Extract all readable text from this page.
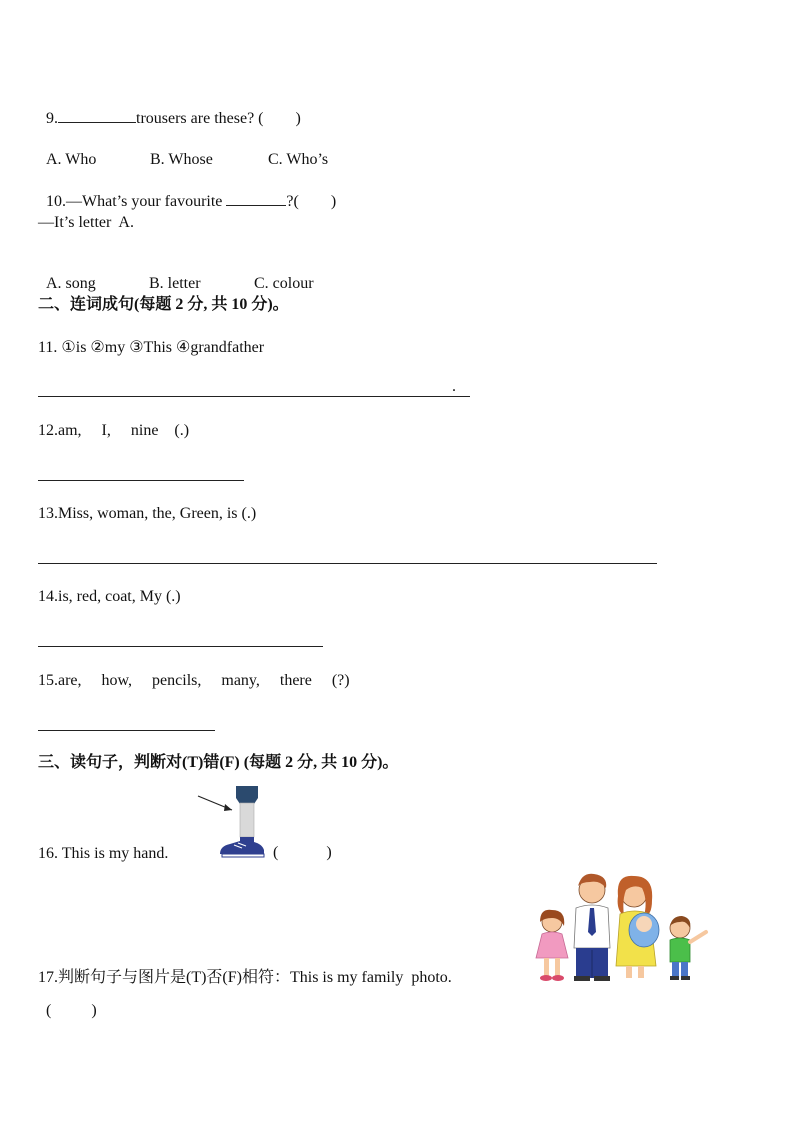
9.	trousers are these? (        )

A. Who	B. Whose	C. Who’s

10.—What’s your favourite	?(        )

—It’s letter  A.

A. song	B. letter	C. colour

二、连词成句(每题 2 分, 共 10 分)。
11. ①is ②my ③This ④grandfather
.
12.am,     I,     nine    (.)
13.Miss, woman, the, Green, is (.)
14.is, red, coat, My (.)
15.are,     how,     pencils,     many,     there     (?)
三、读句子，判断对(T)错(F) (每题 2 分, 共 10 分)。
16. This is my hand.	(            )
17.判断句子与图片是(T)否(F)相符：This is my family  photo.
(          )
